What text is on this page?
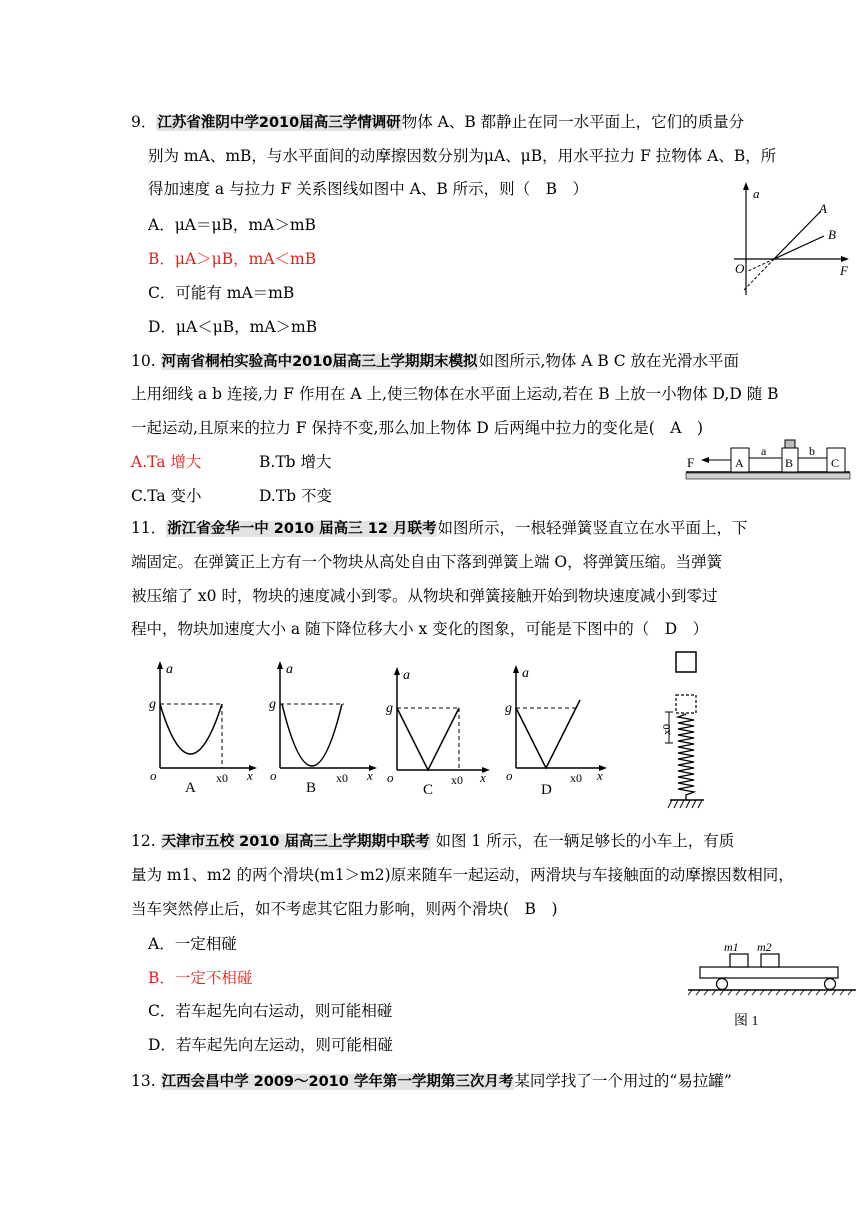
9．江苏省淮阴中学2010届高三学情调研物体 A、B 都静止在同一水平面上，它们的质量分
别为 mA、mB，与水平面间的动摩擦因数分别为μA、μB，用水平拉力 F 拉物体 A、B，所
得加速度 a 与拉力 F 关系图线如图中 A、B 所示，则（　B　）
A．μA＝μB，mA＞mB
B．μA＞μB，mA＜mB
C．可能有 mA＝mB
D．μA＜μB，mA＞mB
a
A
B
O	F
10. 河南省桐柏实验高中2010届高三上学期期末模拟如图所示,物体 A B C 放在光滑水平面
上用细线 a b 连接,力 F 作用在 A 上,使三物体在水平面上运动,若在 B 上放一小物体 D,D 随 B
一起运动,且原来的拉力 F 保持不变,那么加上物体 D 后两绳中拉力的变化是(　A　)
A.Ta 增大	B.Tb 增大
C.Ta 变小	D.Tb 不变
F	A
a
B
b
C
11．浙江省金华一中 2010 届高三 12 月联考如图所示，一根轻弹簧竖直立在水平面上，下
端固定。在弹簧正上方有一个物块从高处自由下落到弹簧上端 O，将弹簧压缩。当弹簧
被压缩了 x0 时，物块的速度减小到零。从物块和弹簧接触开始到物块速度减小到零过
程中，物块加速度大小 a 随下降位移大小 x 变化的图象，可能是下图中的（　D　）
a
g
o	x0 x
A
a
g
o	x0 x
B
a
g
o	x0 x
C
a
g
o	x0 x
D
x0
12. 天津市五校 2010 届高三上学期期中联考 如图 1 所示，在一辆足够长的小车上，有质
量为 m1、m2 的两个滑块(m1＞m2)原来随车一起运动，两滑块与车接触面的动摩擦因数相同，
当车突然停止后，如不考虑其它阻力影响，则两个滑块(　B　)
A．一定相碰
B．一定不相碰
C．若车起先向右运动，则可能相碰
D．若车起先向左运动，则可能相碰
m1 m2
图 1
13. 江西会昌中学 2009～2010 学年第一学期第三次月考某同学找了一个用过的“易拉罐”
